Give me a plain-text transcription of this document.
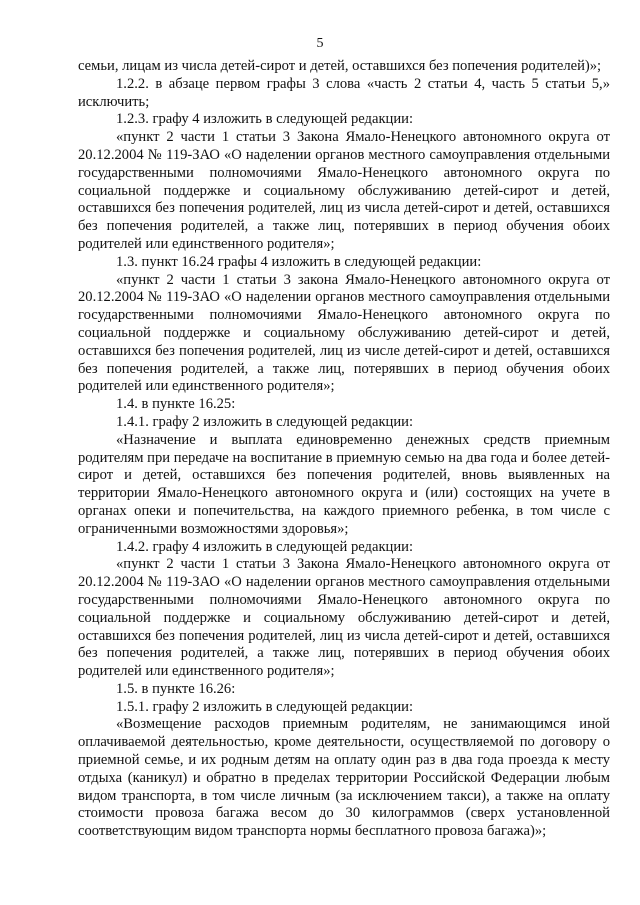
5

семьи, лицам из числа детей-сирот и детей, оставшихся без попечения родителей)»;

1.2.2. в абзаце первом графы 3 слова «часть 2 статьи 4, часть 5 статьи 5,» исключить;

1.2.3. графу 4 изложить в следующей редакции:

«пункт 2 части 1 статьи 3 Закона Ямало-Ненецкого автономного округа от 20.12.2004 № 119-ЗАО «О наделении органов местного самоуправления отдельными государственными полномочиями Ямало-Ненецкого автономного округа по социальной поддержке и социальному обслуживанию детей-сирот и детей, оставшихся без попечения родителей, лиц из числа детей-сирот и детей, оставшихся без попечения родителей, а также лиц, потерявших в период обучения обоих родителей или единственного родителя»;

1.3. пункт 16.24 графы 4 изложить в следующей редакции:

«пункт 2 части 1 статьи 3 закона Ямало-Ненецкого автономного округа от 20.12.2004 № 119-ЗАО «О наделении органов местного самоуправления отдельными государственными полномочиями Ямало-Ненецкого автономного округа по социальной поддержке и социальному обслуживанию детей-сирот и детей, оставшихся без попечения родителей, лиц из числе детей-сирот и детей, оставшихся без попечения родителей, а также лиц, потерявших в период обучения обоих родителей или единственного родителя»;

1.4. в пункте 16.25:

1.4.1. графу 2 изложить в следующей редакции:

«Назначение и выплата единовременно денежных средств приемным родителям при передаче на воспитание в приемную семью на два года и более детей-сирот и детей, оставшихся без попечения родителей, вновь выявленных на территории Ямало-Ненецкого автономного округа и (или) состоящих на учете в органах опеки и попечительства, на каждого приемного ребенка, в том числе с ограниченными возможностями здоровья»;

1.4.2. графу 4 изложить в следующей редакции:

«пункт 2 части 1 статьи 3 Закона Ямало-Ненецкого автономного округа от 20.12.2004 № 119-ЗАО «О наделении органов местного самоуправления отдельными государственными полномочиями Ямало-Ненецкого автономного округа по социальной поддержке и социальному обслуживанию детей-сирот и детей, оставшихся без попечения родителей, лиц из числа детей-сирот и детей, оставшихся без попечения родителей, а также лиц, потерявших в период обучения обоих родителей или единственного родителя»;

1.5. в пункте 16.26:

1.5.1. графу 2 изложить в следующей редакции:

«Возмещение расходов приемным родителям, не занимающимся иной оплачиваемой деятельностью, кроме деятельности, осуществляемой по договору о приемной семье, и их родным детям на оплату один раз в два года проезда к месту отдыха (каникул) и обратно в пределах территории Российской Федерации любым видом транспорта, в том числе личным (за исключением такси), а также на оплату стоимости провоза багажа весом до 30 килограммов (сверх установленной соответствующим видом транспорта нормы бесплатного провоза багажа)»;
